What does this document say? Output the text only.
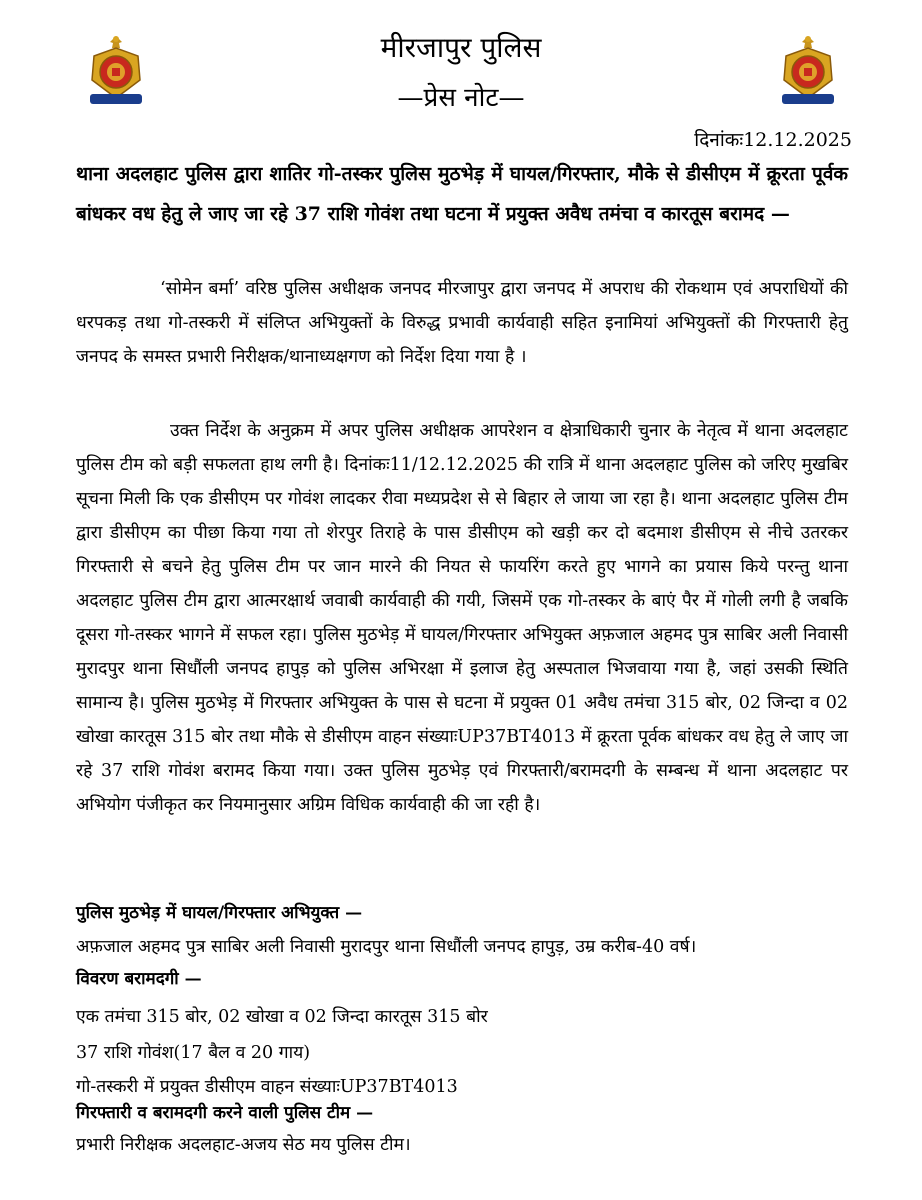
मीरजापुर पुलिस
—प्रेस नोट—
दिनांकः12.12.2025
थाना अदलहाट पुलिस द्वारा शातिर गो-तस्कर पुलिस मुठभेड़ में घायल/गिरफ्तार, मौके से डीसीएम में क्रूरता पूर्वक बांधकर वध हेतु ले जाए जा रहे 37 राशि गोवंश तथा घटना में प्रयुक्त अवैध तमंचा व कारतूस बरामद —
‘सोमेन बर्मा’ वरिष्ठ पुलिस अधीक्षक जनपद मीरजापुर द्वारा जनपद में अपराध की रोकथाम एवं अपराधियों की धरपकड़ तथा गो-तस्करी में संलिप्त अभियुक्तों के विरुद्ध प्रभावी कार्यवाही सहित इनामियां अभियुक्तों की गिरफ्तारी हेतु जनपद के समस्त प्रभारी निरीक्षक/थानाध्यक्षगण को निर्देश दिया गया है ।
उक्त निर्देश के अनुक्रम में अपर पुलिस अधीक्षक आपरेशन व क्षेत्राधिकारी चुनार के नेतृत्व में थाना अदलहाट पुलिस टीम को बड़ी सफलता हाथ लगी है। दिनांकः11/12.12.2025 की रात्रि में थाना अदलहाट पुलिस को जरिए मुखबिर सूचना मिली कि एक डीसीएम पर गोवंश लादकर रीवा मध्यप्रदेश से से बिहार ले जाया जा रहा है। थाना अदलहाट पुलिस टीम द्वारा डीसीएम का पीछा किया गया तो शेरपुर तिराहे के पास डीसीएम को खड़ी कर दो बदमाश डीसीएम से नीचे उतरकर गिरफ्तारी से बचने हेतु पुलिस टीम पर जान मारने की नियत से फायरिंग करते हुए भागने का प्रयास किये परन्तु थाना अदलहाट पुलिस टीम द्वारा आत्मरक्षार्थ जवाबी कार्यवाही की गयी, जिसमें एक गो-तस्कर के बाएं पैर में गोली लगी है जबकि दूसरा गो-तस्कर भागने में सफल रहा। पुलिस मुठभेड़ में घायल/गिरफ्तार अभियुक्त अफ़जाल अहमद पुत्र साबिर अली निवासी मुरादपुर थाना सिधौंली जनपद हापुड़ को पुलिस अभिरक्षा में इलाज हेतु अस्पताल भिजवाया गया है, जहां उसकी स्थिति सामान्य है। पुलिस मुठभेड़ में गिरफ्तार अभियुक्त के पास से घटना में प्रयुक्त 01 अवैध तमंचा 315 बोर, 02 जिन्दा व 02 खोखा कारतूस 315 बोर तथा मौके से डीसीएम वाहन संख्याःUP37BT4013 में क्रूरता पूर्वक बांधकर वध हेतु ले जाए जा रहे 37 राशि गोवंश बरामद किया गया। उक्त पुलिस मुठभेड़ एवं गिरफ्तारी/बरामदगी के सम्बन्ध में थाना अदलहाट पर अभियोग पंजीकृत कर नियमानुसार अग्रिम विधिक कार्यवाही की जा रही है।
पुलिस मुठभेड़ में घायल/गिरफ्तार अभियुक्त —
अफ़जाल अहमद पुत्र साबिर अली निवासी मुरादपुर थाना सिधौंली जनपद हापुड़, उम्र करीब-40 वर्ष।
विवरण बरामदगी —
एक तमंचा 315 बोर, 02 खोखा व 02 जिन्दा कारतूस 315 बोर
37 राशि गोवंश(17 बैल व 20 गाय)
गो-तस्करी में प्रयुक्त डीसीएम वाहन संख्याःUP37BT4013
गिरफ्तारी व बरामदगी करने वाली पुलिस टीम —
प्रभारी निरीक्षक अदलहाट-अजय सेठ मय पुलिस टीम।
